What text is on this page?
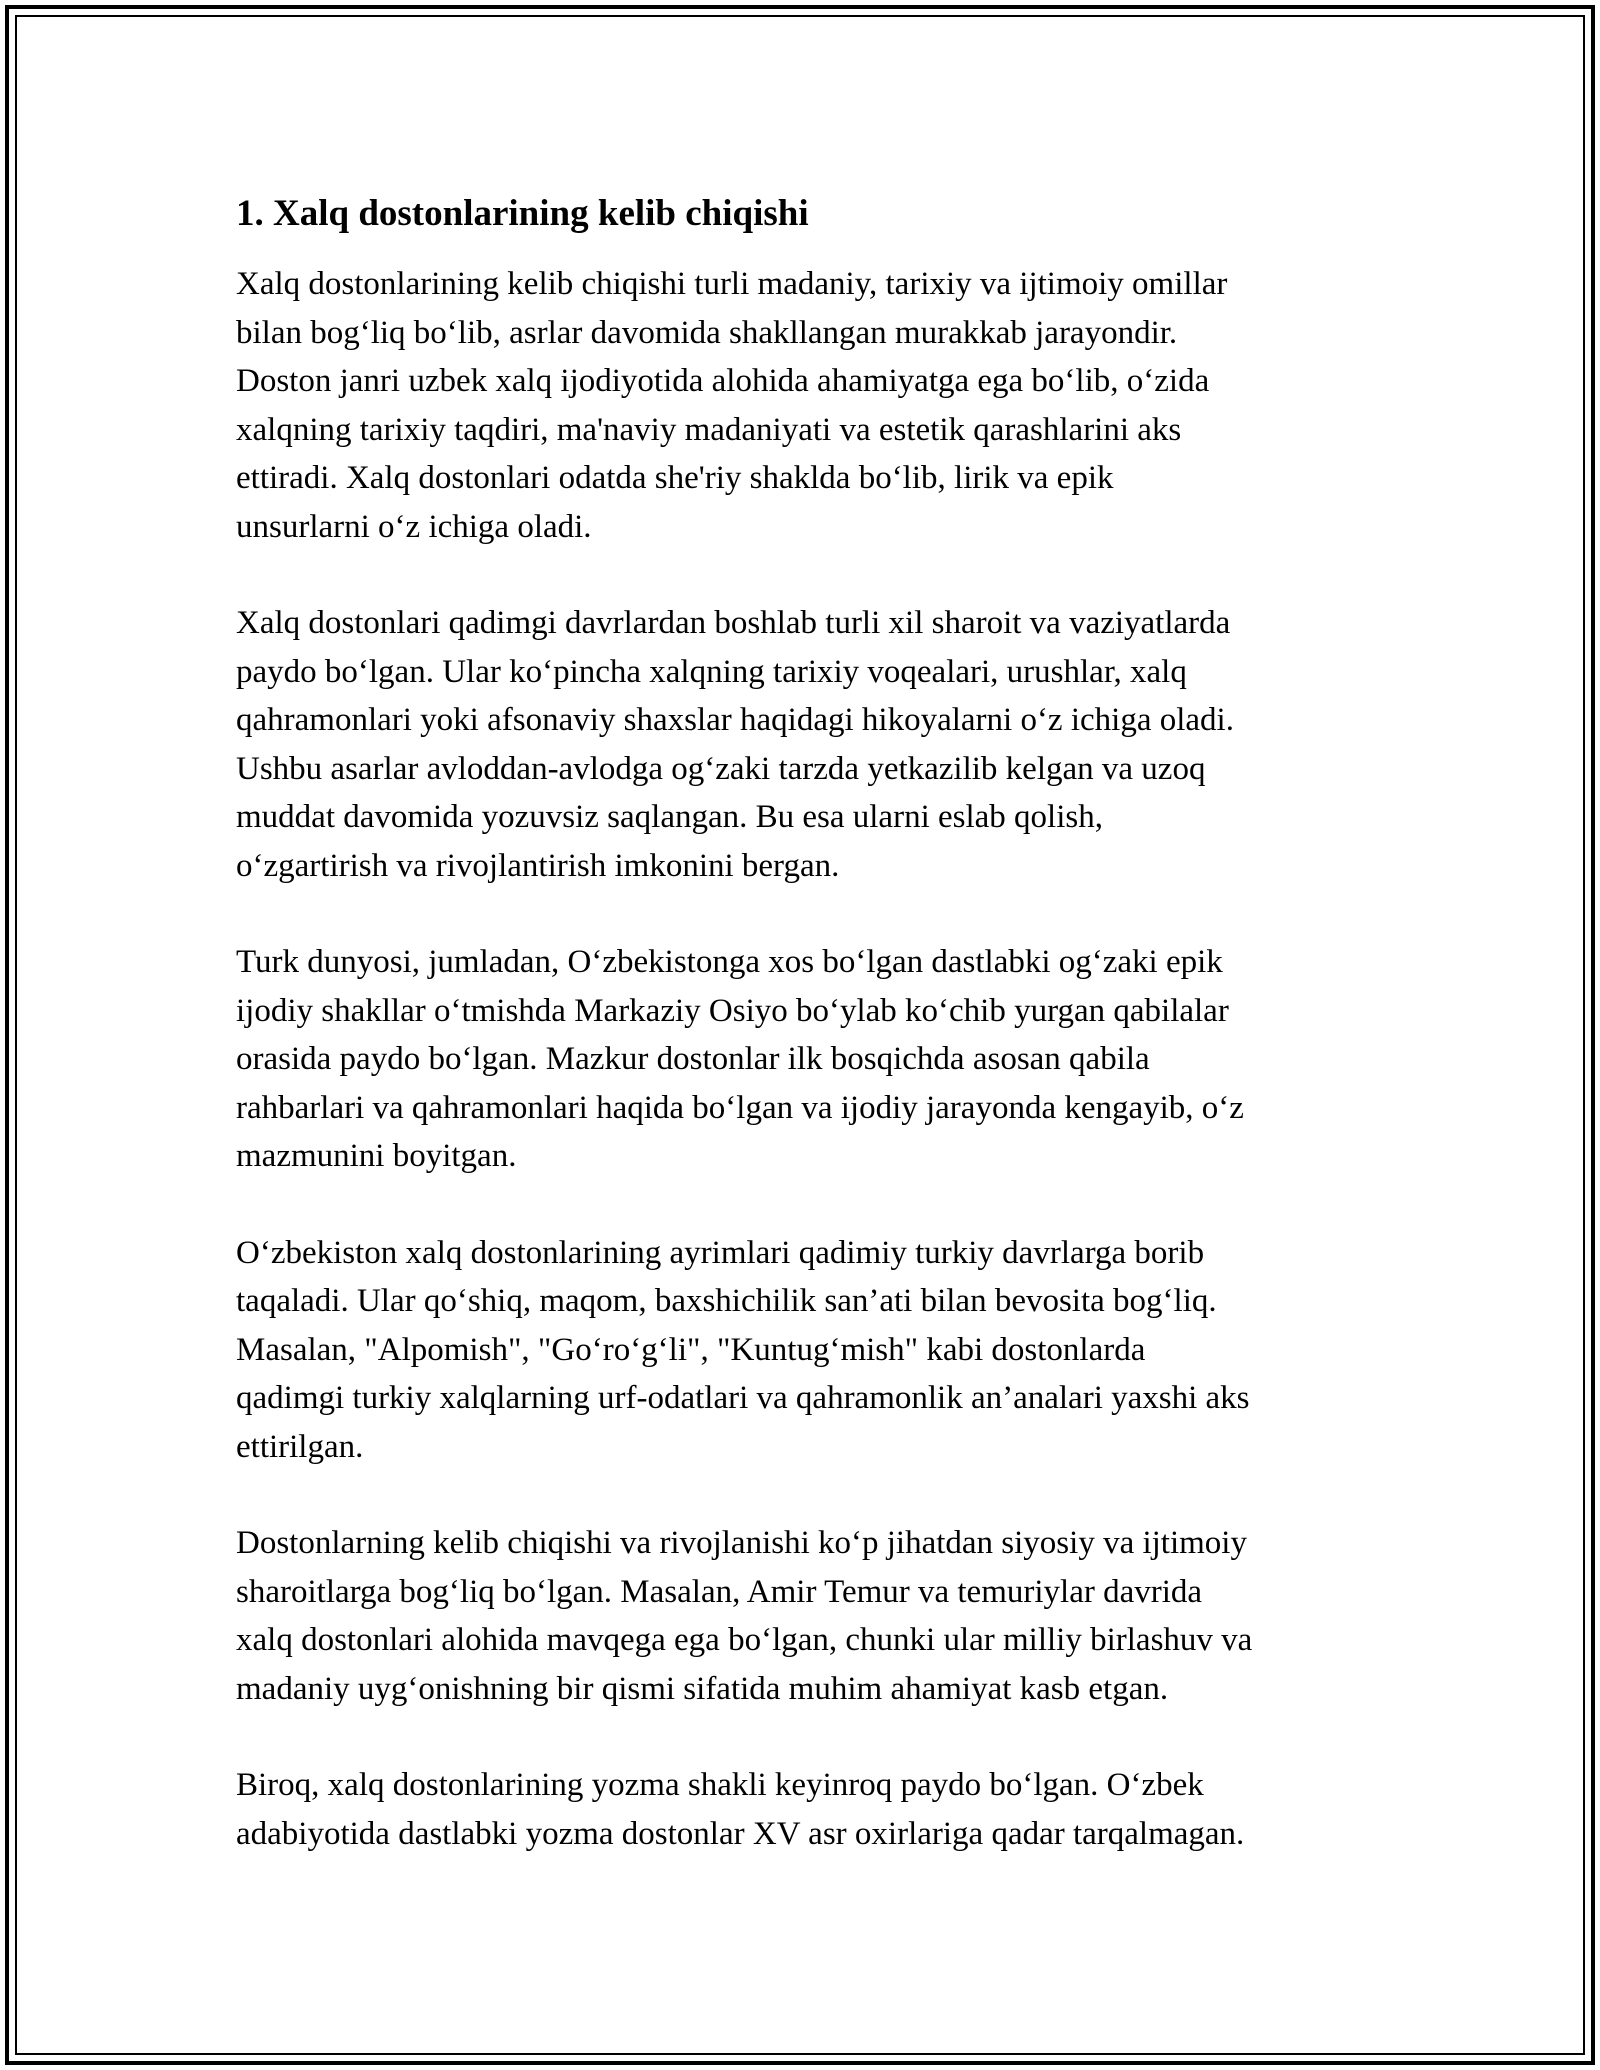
1. Xalq dostonlarining kelib chiqishi

Xalq dostonlarining kelib chiqishi turli madaniy, tarixiy va ijtimoiy omillar
bilan bog‘liq bo‘lib, asrlar davomida shakllangan murakkab jarayondir.
Doston janri uzbek xalq ijodiyotida alohida ahamiyatga ega bo‘lib, o‘zida
xalqning tarixiy taqdiri, ma'naviy madaniyati va estetik qarashlarini aks
ettiradi. Xalq dostonlari odatda she'riy shaklda bo‘lib, lirik va epik
unsurlarni o‘z ichiga oladi.

Xalq dostonlari qadimgi davrlardan boshlab turli xil sharoit va vaziyatlarda
paydo bo‘lgan. Ular ko‘pincha xalqning tarixiy voqealari, urushlar, xalq
qahramonlari yoki afsonaviy shaxslar haqidagi hikoyalarni o‘z ichiga oladi.
Ushbu asarlar avloddan-avlodga og‘zaki tarzda yetkazilib kelgan va uzoq
muddat davomida yozuvsiz saqlangan. Bu esa ularni eslab qolish,
o‘zgartirish va rivojlantirish imkonini bergan.

Turk dunyosi, jumladan, O‘zbekistonga xos bo‘lgan dastlabki og‘zaki epik
ijodiy shakllar o‘tmishda Markaziy Osiyo bo‘ylab ko‘chib yurgan qabilalar
orasida paydo bo‘lgan. Mazkur dostonlar ilk bosqichda asosan qabila
rahbarlari va qahramonlari haqida bo‘lgan va ijodiy jarayonda kengayib, o‘z
mazmunini boyitgan.

O‘zbekiston xalq dostonlarining ayrimlari qadimiy turkiy davrlarga borib
taqaladi. Ular qo‘shiq, maqom, baxshichilik san’ati bilan bevosita bog‘liq.
Masalan, "Alpomish", "Go‘ro‘g‘li", "Kuntug‘mish" kabi dostonlarda
qadimgi turkiy xalqlarning urf-odatlari va qahramonlik an’analari yaxshi aks
ettirilgan.

Dostonlarning kelib chiqishi va rivojlanishi ko‘p jihatdan siyosiy va ijtimoiy
sharoitlarga bog‘liq bo‘lgan. Masalan, Amir Temur va temuriylar davrida
xalq dostonlari alohida mavqega ega bo‘lgan, chunki ular milliy birlashuv va
madaniy uyg‘onishning bir qismi sifatida muhim ahamiyat kasb etgan.

Biroq, xalq dostonlarining yozma shakli keyinroq paydo bo‘lgan. O‘zbek
adabiyotida dastlabki yozma dostonlar XV asr oxirlariga qadar tarqalmagan.
